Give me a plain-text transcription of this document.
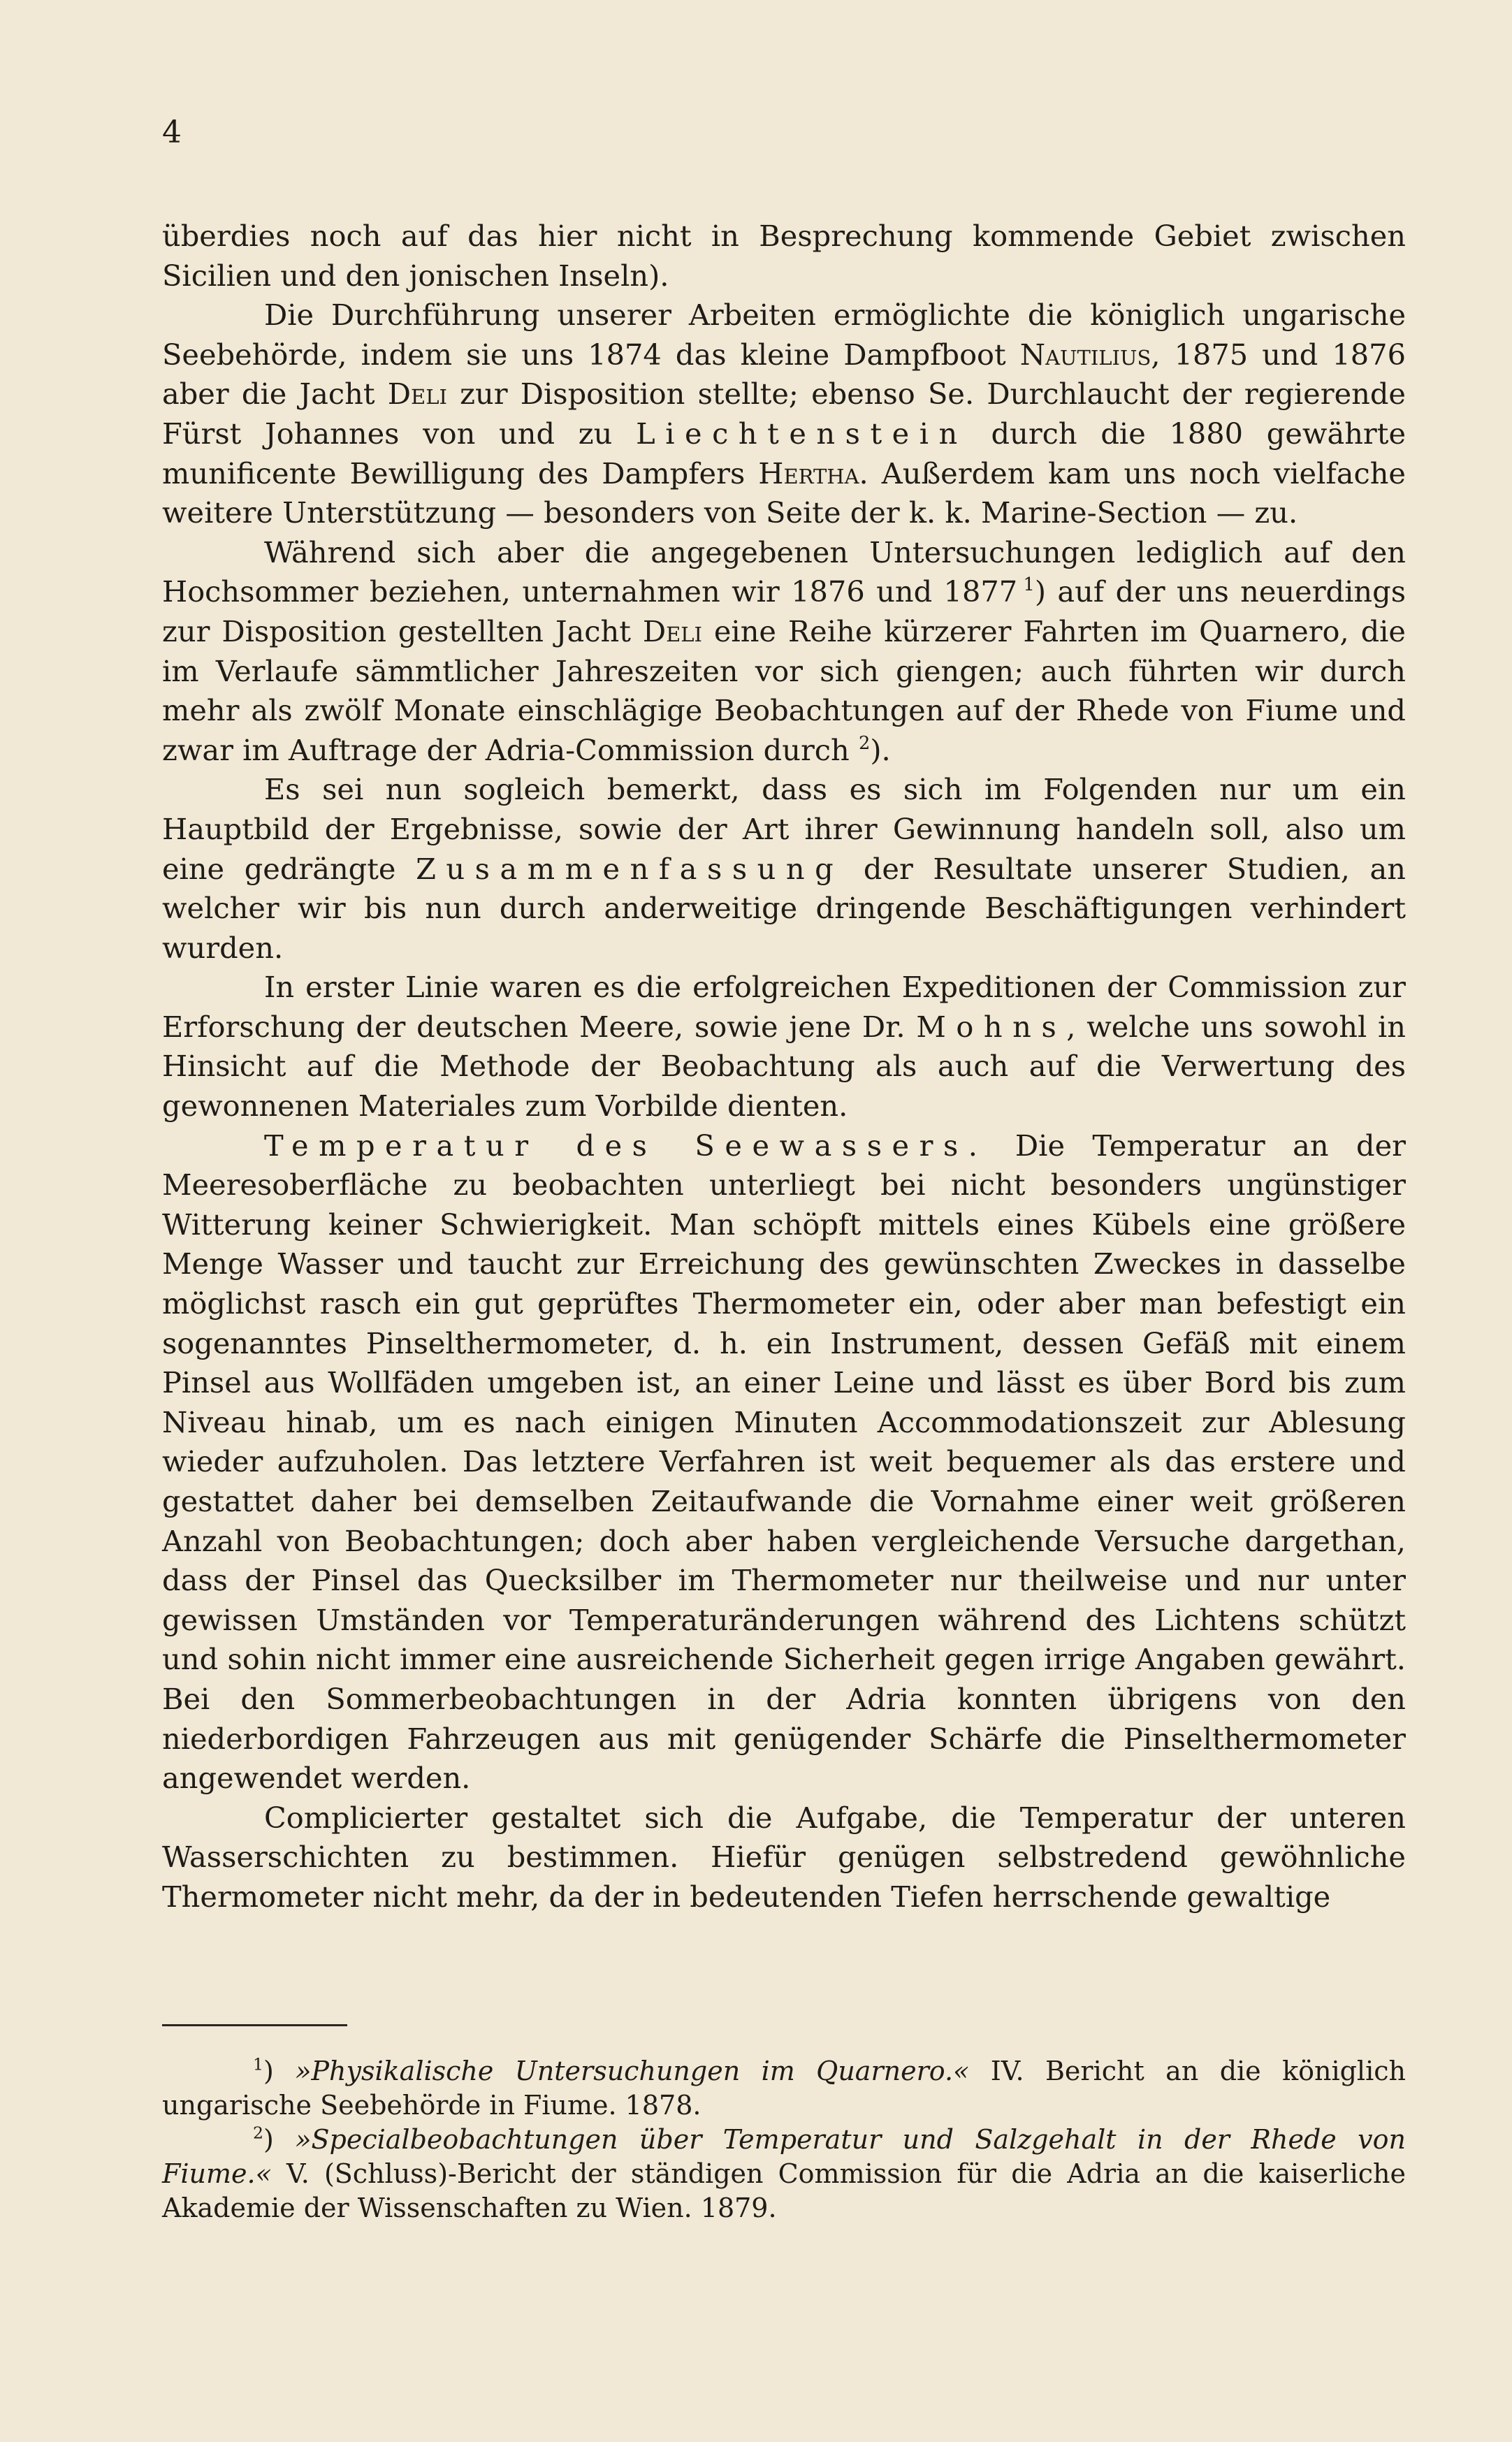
4

überdies noch auf das hier nicht in Besprechung kommende Gebiet zwischen Sicilien und den jonischen Inseln).

Die Durchführung unserer Arbeiten ermöglichte die königlich ungarische Seebehörde, indem sie uns 1874 das kleine Dampfboot Nautilius, 1875 und 1876 aber die Jacht Deli zur Disposition stellte; ebenso Se. Durchlaucht der regierende Fürst Johannes von und zu Liechtenstein durch die 1880 gewährte munificente Bewilligung des Dampfers Hertha. Außerdem kam uns noch vielfache weitere Unterstützung — besonders von Seite der k. k. Marine-Section — zu.

Während sich aber die angegebenen Untersuchungen lediglich auf den Hochsommer beziehen, unternahmen wir 1876 und 1877  $^1$) auf der uns neuerdings zur Disposition gestellten Jacht Deli eine Reihe kürzerer Fahrten im Quarnero, die im Verlaufe sämmtlicher Jahreszeiten vor sich giengen; auch führten wir durch mehr als zwölf Monate einschlägige Beobachtungen auf der Rhede von Fiume und zwar im Auftrage der Adria-Commission durch $^2$).

Es sei nun sogleich bemerkt, dass es sich im Folgenden nur um ein Hauptbild der Ergebnisse, sowie der Art ihrer Gewinnung handeln soll, also um eine gedrängte Zusammenfassung der Resultate unserer Studien, an welcher wir bis nun durch anderweitige dringende Beschäftigungen verhindert wurden.

In erster Linie waren es die erfolgreichen Expeditionen der Commission zur Erforschung der deutschen Meere, sowie jene Dr. Mohns, welche uns sowohl in Hinsicht auf die Methode der Beobachtung als auch auf die Verwertung des gewonnenen Materiales zum Vorbilde dienten.

Temperatur des Seewassers. Die Temperatur an der Meeresoberfläche zu beobachten unterliegt bei nicht besonders ungünstiger Witterung keiner Schwierigkeit. Man schöpft mittels eines Kübels eine größere Menge Wasser und taucht zur Erreichung des gewünschten Zweckes in dasselbe möglichst rasch ein gut geprüftes Thermometer ein, oder aber man befestigt ein sogenanntes Pinselthermometer, d. h. ein Instrument, dessen Gefäß mit einem Pinsel aus Wollfäden umgeben ist, an einer Leine und lässt es über Bord bis zum Niveau hinab, um es nach einigen Minuten Accommodationszeit zur Ablesung wieder aufzuholen. Das letztere Verfahren ist weit bequemer als das erstere und gestattet daher bei demselben Zeitaufwande die Vornahme einer weit größeren Anzahl von Beobachtungen; doch aber haben vergleichende Versuche dargethan, dass der Pinsel das Quecksilber im Thermometer nur theilweise und nur unter gewissen Umständen vor Temperaturänderungen während des Lichtens schützt und sohin nicht immer eine ausreichende Sicherheit gegen irrige Angaben gewährt. Bei den Sommerbeobachtungen in der Adria konnten übrigens von den niederbordigen Fahrzeugen aus mit genügender Schärfe die Pinselthermometer angewendet werden.

Complicierter gestaltet sich die Aufgabe, die Temperatur der unteren Wasserschichten zu bestimmen. Hiefür genügen selbstredend gewöhnliche Thermometer nicht mehr, da der in bedeutenden Tiefen herrschende gewaltige

$^1$) »Physikalische Untersuchungen im Quarnero.« IV. Bericht an die königlich ungarische Seebehörde in Fiume. 1878.

$^2$) »Specialbeobachtungen über Temperatur und Salzgehalt in der Rhede von Fiume.« V. (Schluss)-Bericht der ständigen Commission für die Adria an die kaiserliche Akademie der Wissenschaften zu Wien. 1879.
